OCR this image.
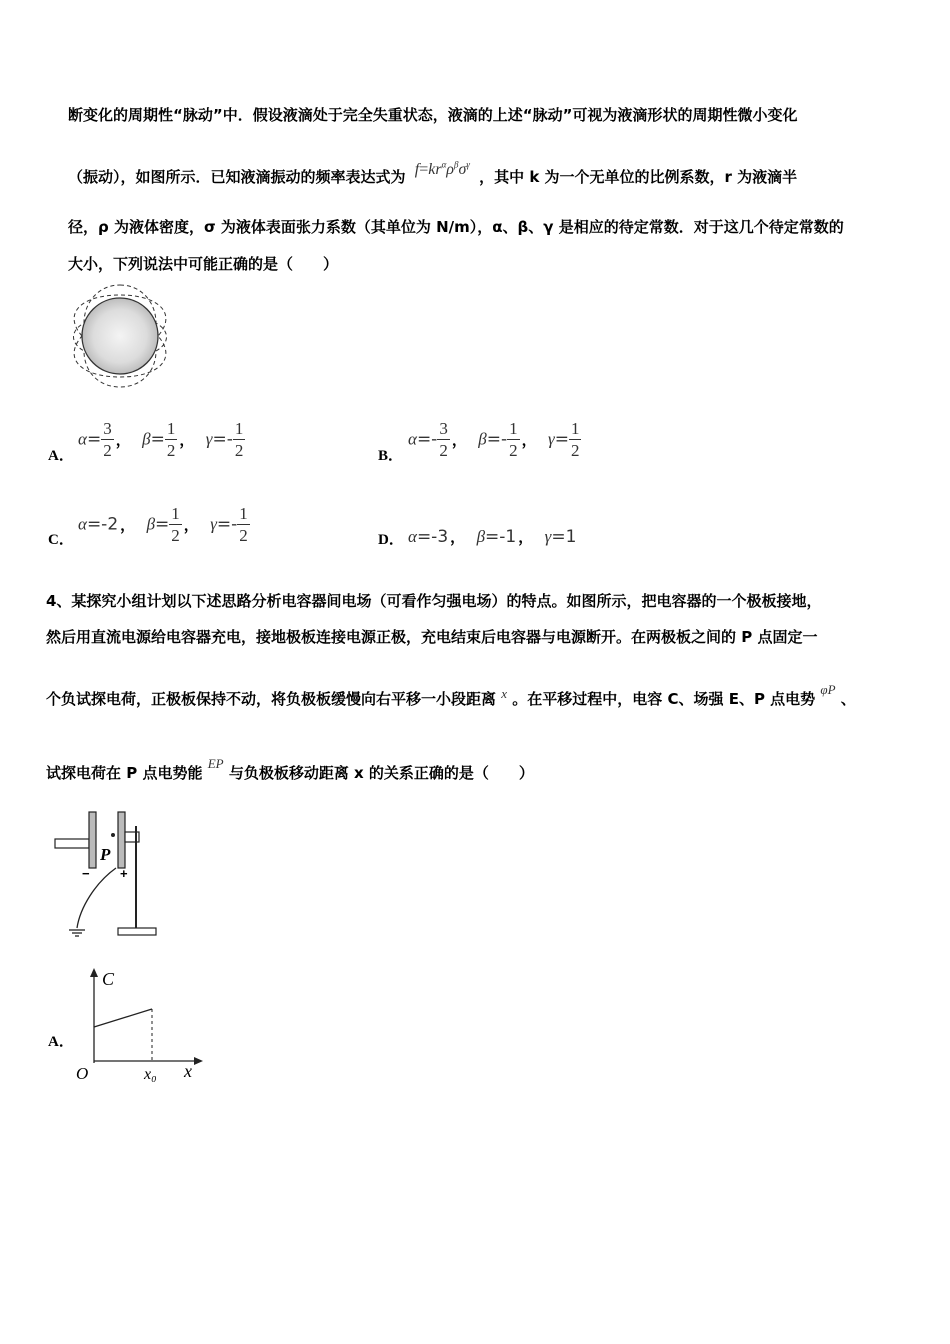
断变化的周期性“脉动”中．假设液滴处于完全失重状态，液滴的上述“脉动”可视为液滴形状的周期性微小变化
（振动），如图所示．已知液滴振动的频率表达式为 $f=kr^\alpha\rho^\beta\sigma^\gamma$ ，其中 k 为一个无单位的比例系数，r 为液滴半
径，ρ 为液体密度，σ 为液体表面张力系数（其单位为 N/m），α、β、γ 是相应的待定常数．对于这几个待定常数的
大小，下列说法中可能正确的是（　　）
A．
$\alpha= \frac{3}{2}$ ， $\beta= \frac{1}{2}$ ， $\gamma=- \frac{1}{2}$	B．
$\alpha=- \frac{3}{2}$ ， $\beta=- \frac{1}{2}$ ， $\gamma= \frac{1}{2}$
C．
α=-2 ， $\beta= \frac{1}{2}$ ， $\gamma=- \frac{1}{2}$	D． α=-3 ， β=-1 ， γ=1
4、某探究小组计划以下述思路分析电容器间电场（可看作匀强电场）的特点。如图所示，把电容器的一个极板接地，
然后用直流电源给电容器充电，接地极板连接电源正极，充电结束后电容器与电源断开。在两极板之间的 P 点固定一
个负试探电荷，正极板保持不动，将负极板缓慢向右平移一小段距离 x 。在平移过程中，电容 C、场强 E、P 点电势 φP 、
试探电荷在 P 点电势能 EP 与负极板移动距离 x 的关系正确的是（　　）
P
− +
A．
C
O	x₀ x
